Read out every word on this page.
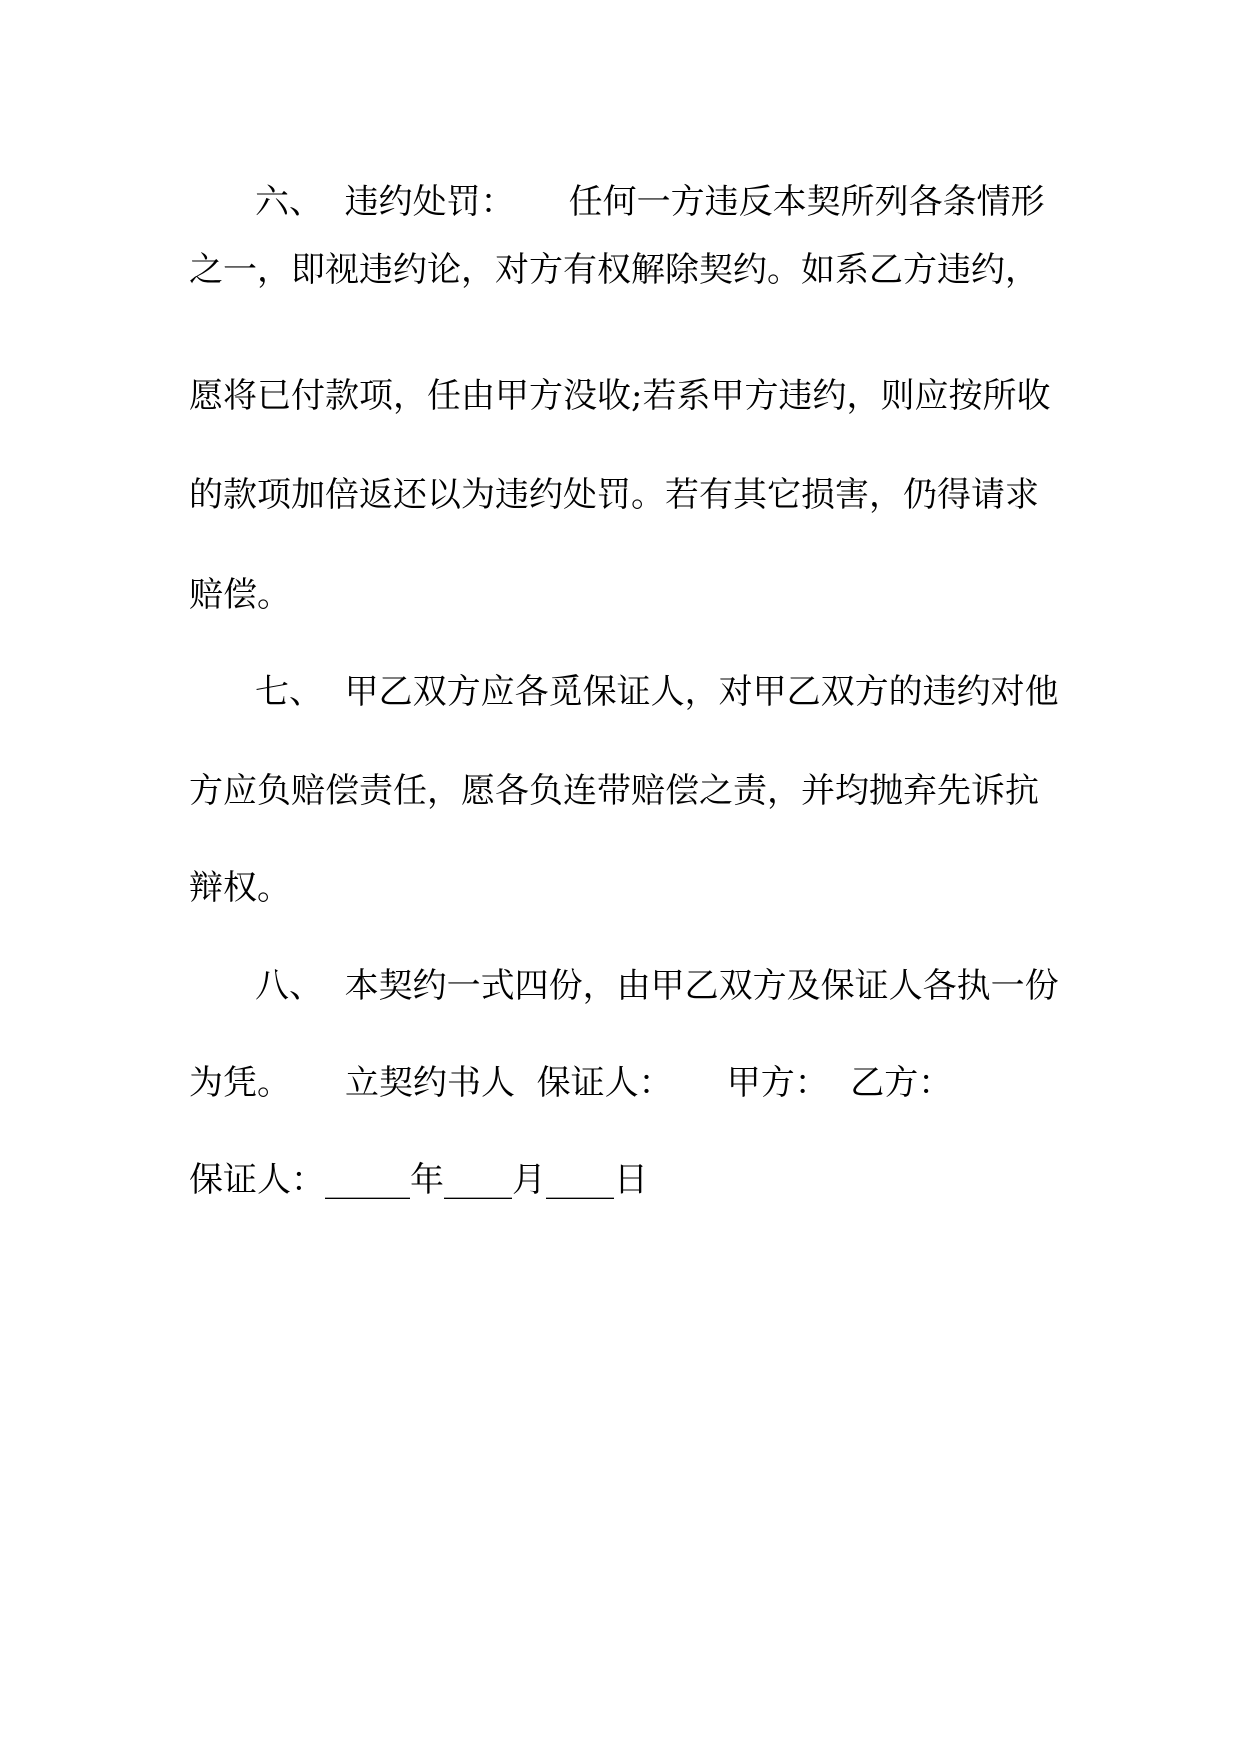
六、  违约处罚：     任何一方违反本契所列各条情形
之一，即视违约论，对方有权解除契约。如系乙方违约，
愿将已付款项，任由甲方没收;若系甲方违约，则应按所收
的款项加倍返还以为违约处罚。若有其它损害，仍得请求
赔偿。
七、  甲乙双方应各觅保证人，对甲乙双方的违约对他
方应负赔偿责任，愿各负连带赔偿之责，并均抛弃先诉抗
辩权。
八、  本契约一式四份，由甲乙双方及保证人各执一份
为凭。     立契约书人  保证人：     甲方：  乙方：
保证人：_____年____月____日
